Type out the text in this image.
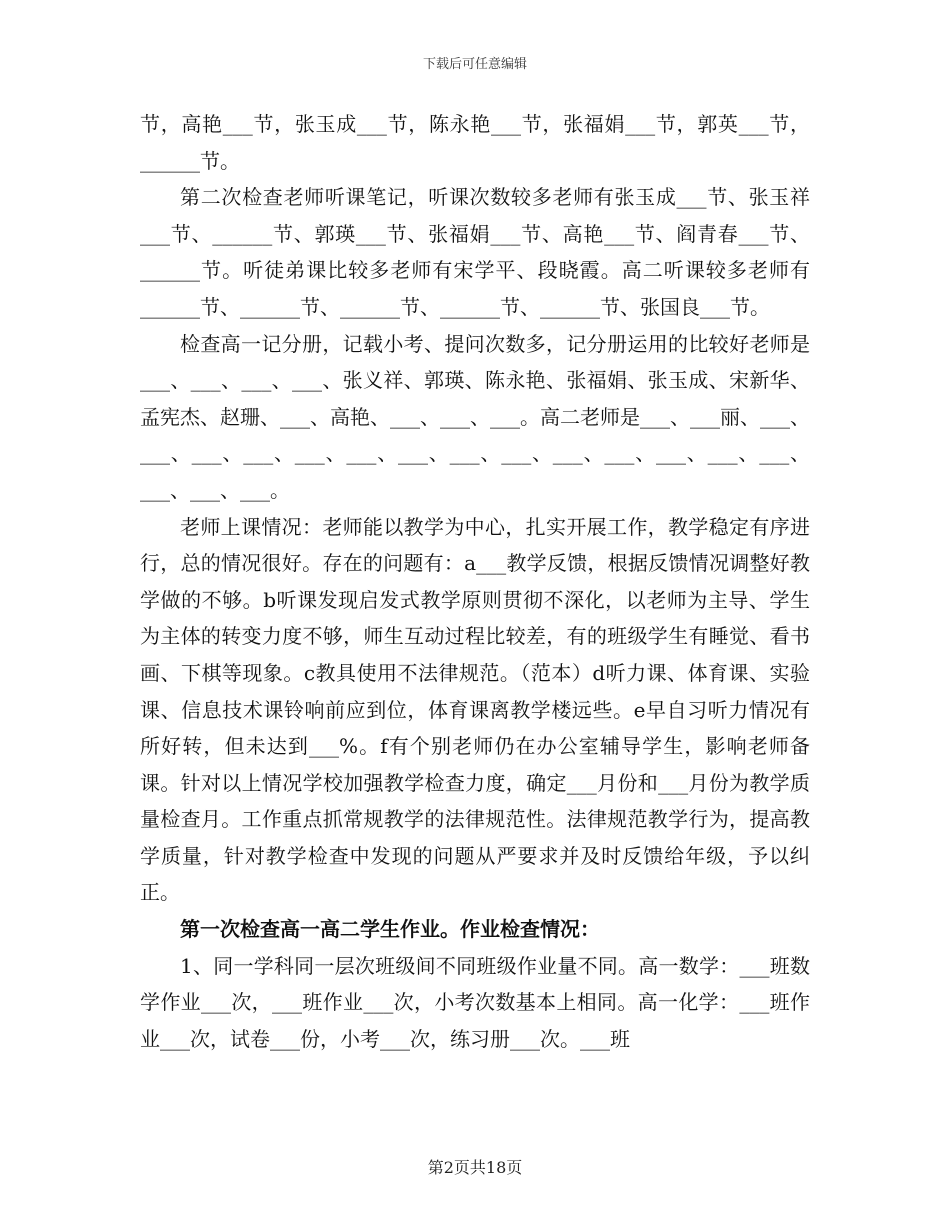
下载后可任意编辑

节，高艳___节，张玉成___节，陈永艳___节，张福娟___节，郭英___节，______节。

第二次检查老师听课笔记，听课次数较多老师有张玉成___节、张玉祥___节、______节、郭瑛___节、张福娟___节、高艳___节、阎青春___节、______节。听徒弟课比较多老师有宋学平、段晓霞。高二听课较多老师有______节、______节、______节、______节、______节、张国良___节。

检查高一记分册，记载小考、提问次数多，记分册运用的比较好老师是___、___、___、___、张义祥、郭瑛、陈永艳、张福娟、张玉成、宋新华、孟宪杰、赵珊、___、高艳、___、___、___。高二老师是___、___丽、___、___、___、___、___、___、___、___、___、___、___、___、___、___、___、___、___。

老师上课情况：老师能以教学为中心，扎实开展工作，教学稳定有序进行，总的情况很好。存在的问题有：a___教学反馈，根据反馈情况调整好教学做的不够。b听课发现启发式教学原则贯彻不深化，以老师为主导、学生为主体的转变力度不够，师生互动过程比较差，有的班级学生有睡觉、看书画、下棋等现象。c教具使用不法律规范。（范本）d听力课、体育课、实验课、信息技术课铃响前应到位，体育课离教学楼远些。e早自习听力情况有所好转，但未达到___%。f有个别老师仍在办公室辅导学生，影响老师备课。针对以上情况学校加强教学检查力度，确定___月份和___月份为教学质量检查月。工作重点抓常规教学的法律规范性。法律规范教学行为，提高教学质量，针对教学检查中发现的问题从严要求并及时反馈给年级，予以纠正。

第一次检查高一高二学生作业。作业检查情况：

1、同一学科同一层次班级间不同班级作业量不同。高一数学：___班数学作业___次，___班作业___次，小考次数基本上相同。高一化学：___班作业___次，试卷___份，小考___次，练习册___次。___班

第2页共18页
